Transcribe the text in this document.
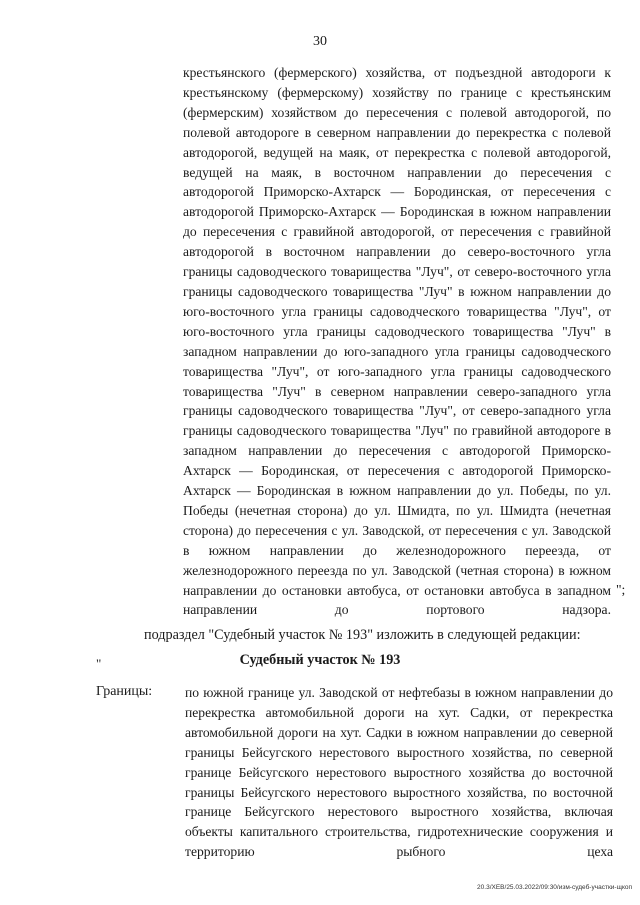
30

крестьянского (фермерского) хозяйства, от подъездной автодороги к крестьянскому (фермерскому) хозяйству по границе с крестьянским (фермерским) хозяйством до пересечения с полевой автодорогой, по полевой автодороге в северном направлении до перекрестка с полевой автодорогой, ведущей на маяк, от перекрестка с полевой автодорогой, ведущей на маяк, в восточном направлении до пересечения с автодорогой Приморско-Ахтарск — Бородинская, от пересечения с автодорогой Приморско-Ахтарск — Бородинская в южном направлении до пересечения с гравийной автодорогой, от пересечения с гравийной автодорогой в восточном направлении до северо-восточного угла границы садоводческого товарищества "Луч", от северо-восточного угла границы садоводческого товарищества "Луч" в южном направлении до юго-восточного угла границы садоводческого товарищества "Луч", от юго-восточного угла границы садоводческого товарищества "Луч" в западном направлении до юго-западного угла границы садоводческого товарищества "Луч", от юго-западного угла границы садоводческого товарищества "Луч" в северном направлении северо-западного угла границы садоводческого товарищества "Луч", от северо-западного угла границы садоводческого товарищества "Луч" по гравийной автодороге в западном направлении до пересечения с автодорогой Приморско-Ахтарск — Бородинская, от пересечения с автодорогой Приморско-Ахтарск — Бородинская в южном направлении до ул. Победы, по ул. Победы (нечетная сторона) до ул. Шмидта, по ул. Шмидта (нечетная сторона) до пересечения с ул. Заводской, от пересечения с ул. Заводской в южном направлении до железнодорожного переезда, от железнодорожного переезда по ул. Заводской (четная сторона) в южном направлении до остановки автобуса, от остановки автобуса в западном направлении до портового надзора.

";
подраздел "Судебный участок № 193" изложить в следующей редакции:
"	Судебный участок № 193
Границы: по южной границе ул. Заводской от нефтебазы в южном направлении до перекрестка автомобильной дороги на хут. Садки, от перекрестка автомобильной дороги на хут. Садки в южном направлении до северной границы Бейсугского нерестового выростного хозяйства, по северной границе Бейсугского нерестового выростного хозяйства до восточной границы Бейсугского нерестового выростного хозяйства, по восточной границе Бейсугского нерестового выростного хозяйства, включая объекты капитального строительства, гидротехнические сооружения и территорию рыбного цеха
20.3/ХЕВ/25.03.2022/09:30/изм-судеб-участки-щкоп
